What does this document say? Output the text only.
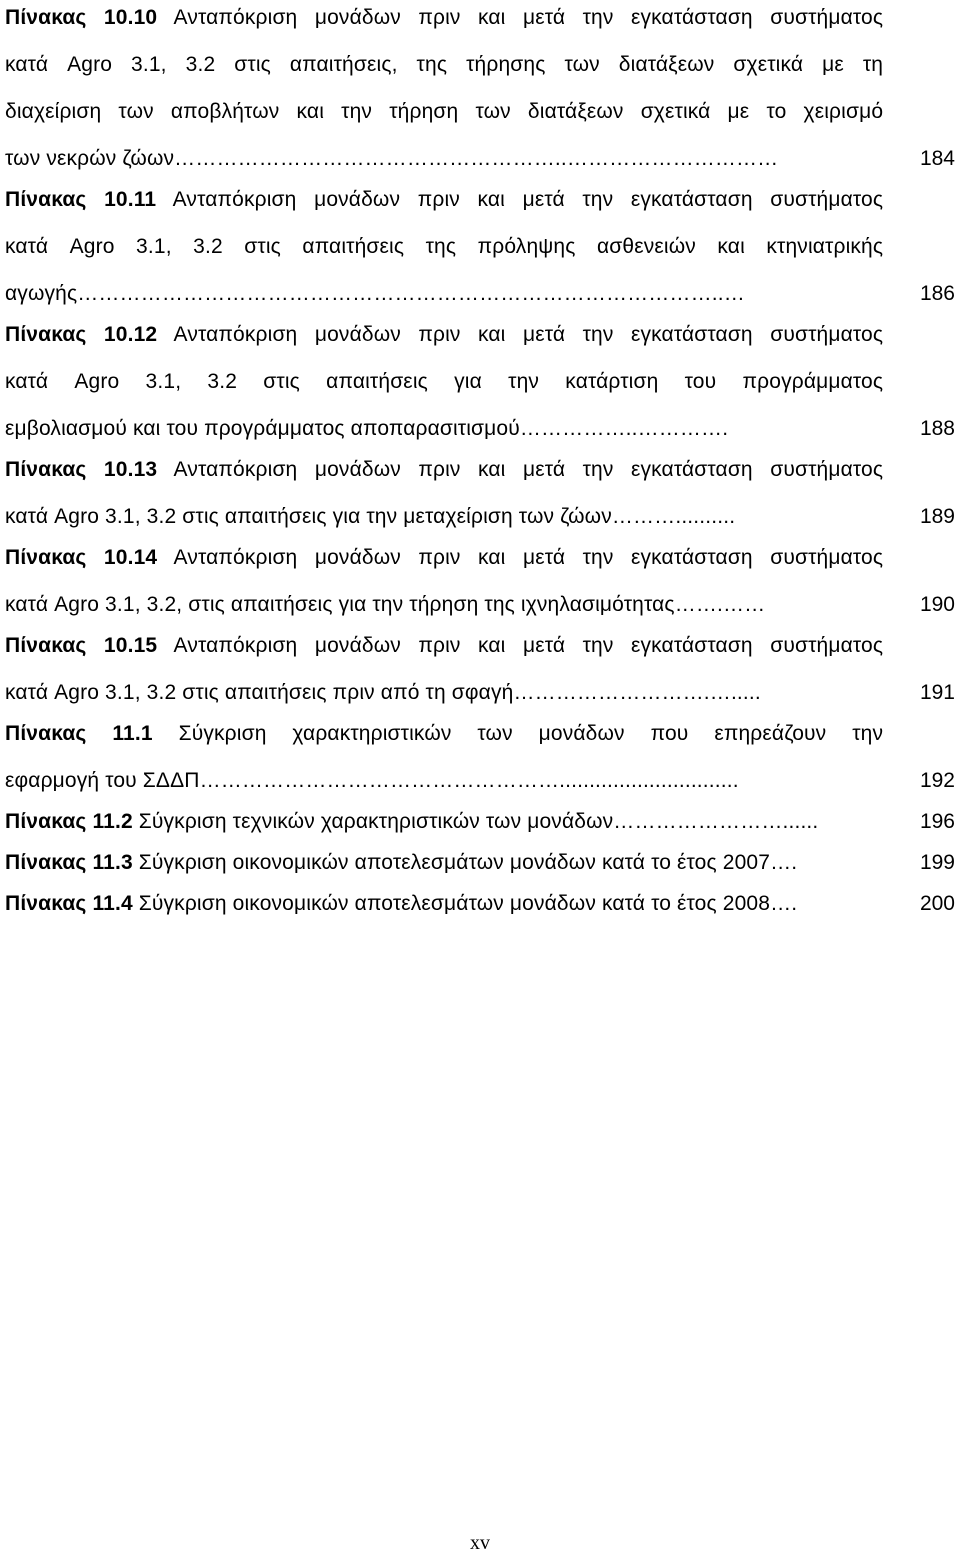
Πίνακας 10.10 Ανταπόκριση μονάδων πριν και μετά την εγκατάσταση συστήματος
κατά Agro 3.1, 3.2 στις απαιτήσεις, της τήρησης των διατάξεων σχετικά με τη
διαχείριση των αποβλήτων και την τήρηση των διατάξεων σχετικά με το χειρισμό
των νεκρών ζώων………………………………………………..…………………………	184
Πίνακας 10.11 Ανταπόκριση μονάδων πριν και μετά την εγκατάσταση συστήματος
κατά Agro 3.1, 3.2 στις απαιτήσεις της πρόληψης ασθενειών και κτηνιατρικής
αγωγής………………………………………………………………………………..…	186
Πίνακας 10.12 Ανταπόκριση μονάδων πριν και μετά την εγκατάσταση συστήματος
κατά Agro 3.1, 3.2 στις απαιτήσεις για την κατάρτιση του προγράμματος
εμβολιασμού και του προγράμματος αποπαρασιτισμού……………..………….	188
Πίνακας 10.13 Ανταπόκριση μονάδων πριν και μετά την εγκατάσταση συστήματος
κατά Agro 3.1, 3.2 στις απαιτήσεις για την μεταχείριση των ζώων………..........	189
Πίνακας 10.14 Ανταπόκριση μονάδων πριν και μετά την εγκατάσταση συστήματος
κατά Agro 3.1, 3.2, στις απαιτήσεις για την τήρηση της ιχνηλασιμότητας…….……	190
Πίνακας 10.15 Ανταπόκριση μονάδων πριν και μετά την εγκατάσταση συστήματος
κατά Agro 3.1, 3.2 στις απαιτήσεις πριν από τη σφαγή……………………….….....	191
Πίνακας 11.1 Σύγκριση χαρακτηριστικών των μονάδων που επηρεάζουν την
εφαρμογή του ΣΔΔΠ……………………………………………..............................	192
Πίνακας 11.2 Σύγκριση τεχνικών χαρακτηριστικών των μονάδων……………………......	196
Πίνακας 11.3 Σύγκριση οικονομικών αποτελεσμάτων μονάδων κατά το έτος 2007….	199
Πίνακας 11.4 Σύγκριση οικονομικών αποτελεσμάτων μονάδων κατά το έτος 2008….	200
xv
